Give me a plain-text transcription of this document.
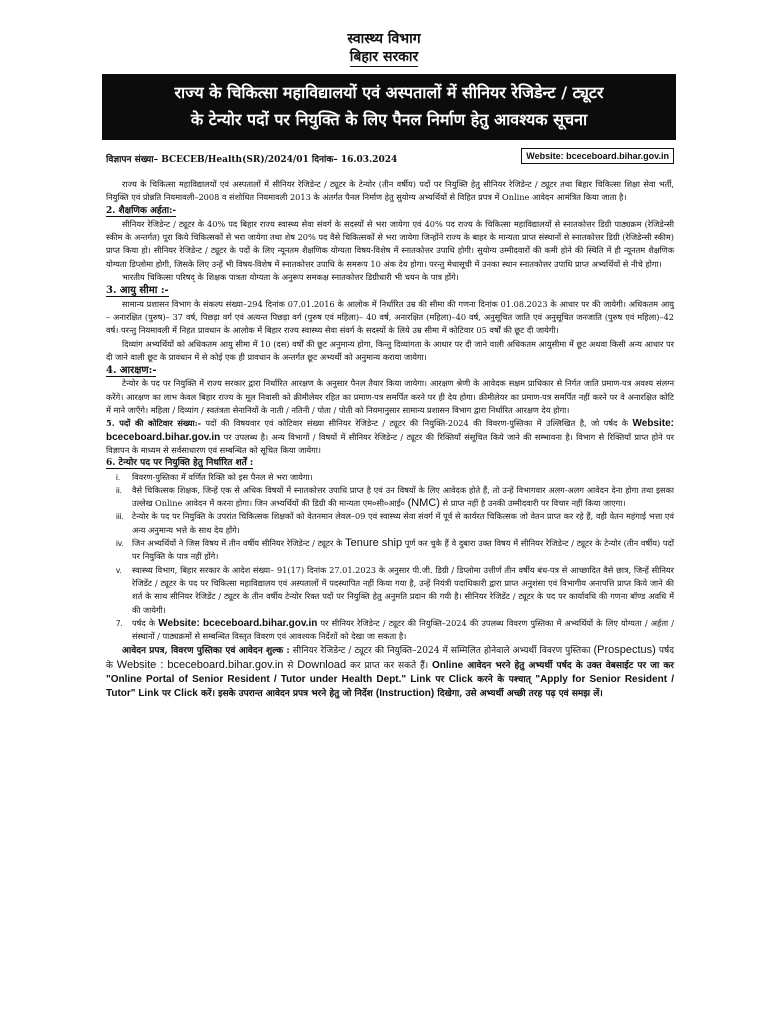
स्वास्थ्य विभाग
बिहार सरकार
राज्य के चिकित्सा महाविद्यालयों एवं अस्पतालों में सीनियर रेजिडेन्ट / ट्यूटर
के टेन्योर पदों पर नियुक्ति के लिए पैनल निर्माण हेतु आवश्यक सूचना
विज्ञापन संख्या– BCECEB/Health(SR)/2024/01 दिनांक– 16.03.2024	Website: bceceboard.bihar.gov.in

राज्य के चिकित्सा महाविद्यालयों एवं अस्पतालों में सीनियर रेजिडेन्ट / ट्यूटर के टेन्योर (तीन वर्षीय) पदों पर नियुक्ति हेतु सीनियर रेजिडेन्ट / ट्यूटर तथा बिहार चिकित्सा शिक्षा सेवा भर्ती, नियुक्ति एवं प्रोन्नति नियमावली–2008 व संशोधित नियमावली 2013 के अंतर्गत पैनल निर्माण हेतु सुयोग्य अभ्यर्थियों से विहित प्रपत्र में Online आवेदन आमंत्रित किया जाता है।

2. शैक्षणिक अर्हता:-

सीनियर रेजिडेन्ट / ट्यूटर के 40% पद बिहार राज्य स्वास्थ्य सेवा संवर्ग के सदस्यों से भरा जायेगा एवं 40% पद राज्य के चिकित्सा महाविद्यालयों से स्नातकोत्तर डिग्री पाठ्यक्रम (रेजिडेन्सी स्कीम के अन्तर्गत) पूरा किये चिकित्सकों से भरा जायेगा तथा शेष 20% पद वैसे चिकित्सकों से भरा जायेगा जिन्होंने राज्य के बाहर के मान्यता प्राप्त संस्थानों से स्नातकोत्तर डिग्री (रेजिडेन्सी स्कीम) प्राप्त किया हो। सीनियर रेजिडेन्ट / ट्यूटर के पदों के लिए न्यूनतम शैक्षणिक योग्यता विषय-विशेष में स्नातकोत्तर उपाधि होगी। सुयोग्य उम्मीदवारों की कमी होने की स्थिति में ही न्यूनतम शैक्षणिक योग्यता डिप्लोमा होगी, जिसके लिए उन्हें भी विषय-विशेष में स्नातकोत्तर उपाधि के समरूप 10 अंक देय होगा। परन्तु मेधासूची में उनका स्थान स्नातकोत्तर उपाधि प्राप्त अभ्यर्थियों से नीचे होगा।

भारतीय चिकित्सा परिषद् के शिक्षक पात्रता योग्यता के अनुरूप समकक्ष स्नातकोत्तर डिग्रीधारी भी चयन के पात्र होंगे।

3. आयु सीमा :-

सामान्य प्रशासन विभाग के संकल्प संख्या–294 दिनांक 07.01.2016 के आलोक में निर्धारित उम्र की सीमा की गणना दिनांक 01.08.2023 के आधार पर की जायेगी। अधिकतम आयु – अनारक्षित (पुरुष)– 37 वर्ष, पिछड़ा वर्ग एवं अत्यन्त पिछड़ा वर्ग (पुरुष एवं महिला)– 40 वर्ष, अनारक्षित (महिला)–40 वर्ष, अनुसूचित जाति एवं अनुसूचित जनजाति (पुरुष एवं महिला)–42 वर्ष। परन्तु नियमावली में निहत प्रावधान के आलोक में बिहार राज्य स्वास्थ्य सेवा संवर्ग के सदस्यों के लिये उम्र सीमा में कोटिवार 05 वर्षों की छूट दी जायेगी।

दिव्यांग अभ्यर्थियों को अधिकतम आयु सीमा में 10 (दस) वर्षों की छूट अनुमान्य होगा, किन्तु दिव्यांगता के आधार पर दी जाने वाली अधिकतम आयुसीमा में छूट अथवा किसी अन्य आधार पर दी जाने वाली छूट के प्रावधान में से कोई एक ही प्रावधान के अन्तर्गत छूट अभ्यर्थी को अनुमान्य कराया जायेगा।

4. आरक्षण:-

टेन्योर के पद पर नियुक्ति में राज्य सरकार द्वारा निर्धारित आरक्षण के अनुसार पैनल तैयार किया जायेगा। आरक्षण श्रेणी के आवेदक सक्षम प्राधिकार से निर्गत जाति प्रमाण-पत्र अवश्य संलग्न करेंगे। आरक्षण का लाभ केवल बिहार राज्य के मूल निवासी को क्रीमीलेयर रहित का प्रमाण-पत्र समर्पित करने पर ही देय होगा। क्रीमीलेयर का प्रमाण-पत्र समर्पित नहीं करने पर वे अनारक्षित कोटि में माने जाएँगे। महिला / दिव्यांग / स्वतंत्रता सेनानियों के नाती / नतिनी / पोता / पोती को नियमानुसार सामान्य प्रशासन विभाग द्वारा निर्धारित आरक्षण देय होगा।

5. पदों की कोटिवार संख्या:- पदों की विषयवार एवं कोटिवार संख्या सीनियर रेजिडेन्ट / ट्यूटर की नियुक्ति-2024 की विवरण-पुस्तिका में उल्लिखित है, जो पर्षद के Website: bceceboard.bihar.gov.in पर उपलब्ध है। अन्य विभागों / विषयों में सीनियर रेजिडेन्ट / ट्यूटर की रिक्तियाँ संसूचित किये जाने की सम्भावना है। विभाग से रिक्तियाँ प्राप्त होने पर विज्ञापन के माध्यम से सर्वसाधारण एवं सम्बन्धित को सूचित किया जायेगा।

6. टेन्योर पद पर नियुक्ति हेतु निर्धारित शर्तें :

i. विवरण-पुस्तिका में वर्णित रिक्ति को इस पैनल से भरा जायेगा।

ii. वैसे चिकित्सक शिक्षक, जिन्हें एक से अधिक विषयों में स्नातकोत्तर उपाधि प्राप्त है एवं उन विषयों के लिए आवेदक होते हैं, तो उन्हें विभागवार अलग-अलग आवेदन देना होगा तथा इसका उल्लेख Online आवेदन में करना होगा। जिन अभ्यर्थियों की डिग्री की मान्यता एम०सी०आई० (NMC) से प्राप्त नहीं है उनकी उम्मीदवारी पर विचार नहीं किया जाएगा।

iii. टेन्योर के पद पर नियुक्ति के उपरांत चिकित्सक शिक्षकों को वेतनमान लेवल–09 एवं स्वास्थ्य सेवा संवर्ग में पूर्व से कार्यरत चिकित्सक जो वेतन प्राप्त कर रहे हैं, वही वेतन महंगाई भत्ता एवं अन्य अनुमान्य भत्ते के साथ देय होंगे।

iv. जिन अभ्यर्थियों ने जिस विषय में तीन वर्षीय सीनियर रेजिडेन्ट / ट्यूटर के Tenure ship पूर्ण कर चुके हैं वे दुबारा उक्त विषय में सीनियर रेजिडेन्ट / ट्यूटर के टेन्योर (तीन वर्षीय) पदों पर नियुक्ति के पात्र नहीं होंगे।

v. स्वास्थ्य विभाग, बिहार सरकार के आदेश संख्या– 91(17) दिनांक 27.01.2023 के अनुसार पी.जी. डिग्री / डिप्लोमा उत्तीर्ण तीन वर्षीय बंध-पत्र से आच्छादित वैसे छात्र, जिन्हें सीनियर रेजिडेंट / ट्यूटर के पद पर चिकित्सा महाविद्यालय एवं अस्पतालों में पदस्थापित नहीं किया गया है, उन्हें नियंत्री पदाधिकारी द्वारा प्राप्त अनुशंसा एवं विभागीय अनापत्ति प्राप्त किये जाने की शर्त के साथ सीनियर रेजिडेंट / ट्यूटर के तीन वर्षीय टेन्योर रिक्त पदों पर नियुक्ति हेतु अनुमति प्रदान की गयी है। सीनियर रेजिडेंट / ट्यूटर के पद पर कार्यावधि की गणना बॉण्ड अवधि में की जायेगी।

7. पर्षद के Website: bceceboard.bihar.gov.in पर सीनियर रेजिडेन्ट / ट्यूटर की नियुक्ति–2024 की उपलब्ध विवरण पुस्तिका में अभ्यर्थियों के लिए योग्यता / अर्हता / संस्थानों / पाठ्यक्रमों से सम्बन्धित विस्तृत विवरण एवं आवश्यक निर्देशों को देखा जा सकता है।

आवेदन प्रपत्र, विवरण पुस्तिका एवं आवेदन शुल्क : सीनियर रेजिडेन्ट / ट्यूटर की नियुक्ति–2024 में सम्मिलित होनेवाले अभ्यर्थी विवरण पुस्तिका (Prospectus) पर्षद के Website : bceceboard.bihar.gov.in से Download कर प्राप्त कर सकते हैं। Online आवेदन भरने हेतु अभ्यर्थी पर्षद के उक्त वेबसाईट पर जा कर "Online Portal of Senior Resident / Tutor under Health Dept." Link पर Click करने के पश्चात् "Apply for Senior Resident / Tutor" Link पर Click करें। इसके उपरान्त आवेदन प्रपत्र भरने हेतु जो निर्देश (Instruction) दिखेगा, उसे अभ्यर्थी अच्छी तरह पढ़ एवं समझ लें।
